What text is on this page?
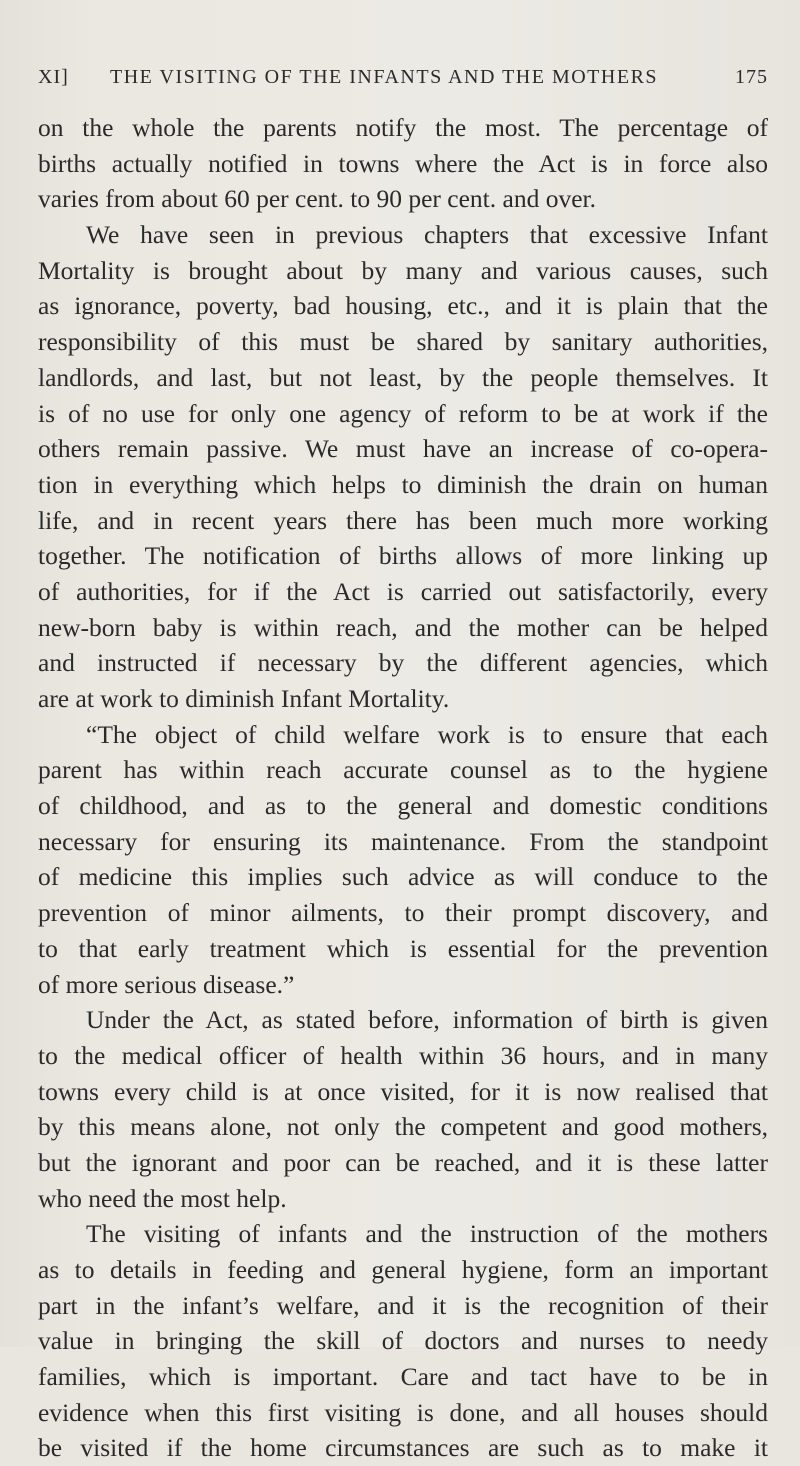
XI] THE VISITING OF THE INFANTS AND THE MOTHERS	175
on the whole the parents notify the most. The percentage of
births actually notified in towns where the Act is in force also
varies from about 60 per cent. to 90 per cent. and over.
We have seen in previous chapters that excessive Infant
Mortality is brought about by many and various causes, such
as ignorance, poverty, bad housing, etc., and it is plain that the
responsibility of this must be shared by sanitary authorities,
landlords, and last, but not least, by the people themselves. It
is of no use for only one agency of reform to be at work if the
others remain passive. We must have an increase of co-opera-
tion in everything which helps to diminish the drain on human
life, and in recent years there has been much more working
together. The notification of births allows of more linking up
of authorities, for if the Act is carried out satisfactorily, every
new-born baby is within reach, and the mother can be helped
and instructed if necessary by the different agencies, which
are at work to diminish Infant Mortality.
“The object of child welfare work is to ensure that each
parent has within reach accurate counsel as to the hygiene
of childhood, and as to the general and domestic conditions
necessary for ensuring its maintenance. From the standpoint
of medicine this implies such advice as will conduce to the
prevention of minor ailments, to their prompt discovery, and
to that early treatment which is essential for the prevention
of more serious disease.”
Under the Act, as stated before, information of birth is given
to the medical officer of health within 36 hours, and in many
towns every child is at once visited, for it is now realised that
by this means alone, not only the competent and good mothers,
but the ignorant and poor can be reached, and it is these latter
who need the most help.
The visiting of infants and the instruction of the mothers
as to details in feeding and general hygiene, form an important
part in the infant’s welfare, and it is the recognition of their
value in bringing the skill of doctors and nurses to needy
families, which is important. Care and tact have to be in
evidence when this first visiting is done, and all houses should
be visited if the home circumstances are such as to make it
